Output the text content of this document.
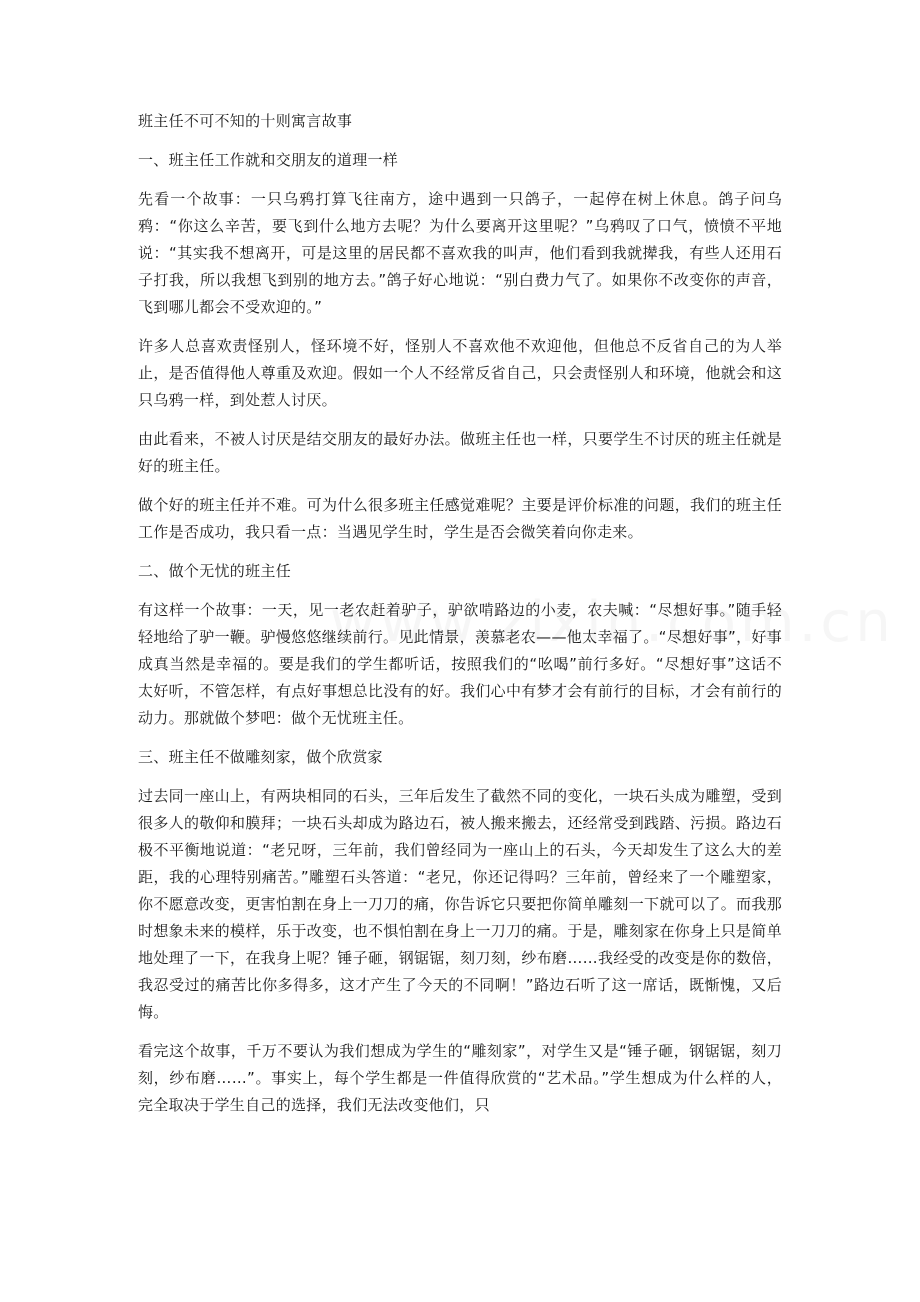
班主任不可不知的十则寓言故事

一、班主任工作就和交朋友的道理一样

先看一个故事：一只乌鸦打算飞往南方，途中遇到一只鸽子，一起停在树上休息。鸽子问乌鸦：“你这么辛苦，要飞到什么地方去呢？为什么要离开这里呢？”乌鸦叹了口气，愤愤不平地说：“其实我不想离开，可是这里的居民都不喜欢我的叫声，他们看到我就撵我，有些人还用石子打我，所以我想飞到别的地方去。”鸽子好心地说：“别白费力气了。如果你不改变你的声音，飞到哪儿都会不受欢迎的。”

许多人总喜欢责怪别人，怪环境不好，怪别人不喜欢他不欢迎他，但他总不反省自己的为人举止，是否值得他人尊重及欢迎。假如一个人不经常反省自己，只会责怪别人和环境，他就会和这只乌鸦一样，到处惹人讨厌。

由此看来，不被人讨厌是结交朋友的最好办法。做班主任也一样，只要学生不讨厌的班主任就是好的班主任。

做个好的班主任并不难。可为什么很多班主任感觉难呢？主要是评价标准的问题，我们的班主任工作是否成功，我只看一点：当遇见学生时，学生是否会微笑着向你走来。

二、做个无忧的班主任

有这样一个故事：一天，见一老农赶着驴子，驴欲啃路边的小麦，农夫喊：“尽想好事。”随手轻轻地给了驴一鞭。驴慢悠悠继续前行。见此情景，羡慕老农——他太幸福了。“尽想好事”，好事成真当然是幸福的。要是我们的学生都听话，按照我们的“吆喝”前行多好。“尽想好事”这话不太好听，不管怎样，有点好事想总比没有的好。我们心中有梦才会有前行的目标，才会有前行的动力。那就做个梦吧：做个无忧班主任。

三、班主任不做雕刻家，做个欣赏家

过去同一座山上，有两块相同的石头，三年后发生了截然不同的变化，一块石头成为雕塑，受到很多人的敬仰和膜拜；一块石头却成为路边石，被人搬来搬去，还经常受到践踏、污损。路边石极不平衡地说道：“老兄呀，三年前，我们曾经同为一座山上的石头，今天却发生了这么大的差距，我的心理特别痛苦。”雕塑石头答道：“老兄，你还记得吗？三年前，曾经来了一个雕塑家，你不愿意改变，更害怕割在身上一刀刀的痛，你告诉它只要把你简单雕刻一下就可以了。而我那时想象未来的模样，乐于改变，也不惧怕割在身上一刀刀的痛。于是，雕刻家在你身上只是简单地处理了一下，在我身上呢？锤子砸，钢锯锯，刻刀刻，纱布磨……我经受的改变是你的数倍，我忍受过的痛苦比你多得多，这才产生了今天的不同啊！”路边石听了这一席话，既惭愧，又后悔。

看完这个故事，千万不要认为我们想成为学生的“雕刻家”，对学生又是“锤子砸，钢锯锯，刻刀刻，纱布磨……”。事实上，每个学生都是一件值得欣赏的“艺术品。”学生想成为什么样的人，完全取决于学生自己的选择，我们无法改变他们，只
